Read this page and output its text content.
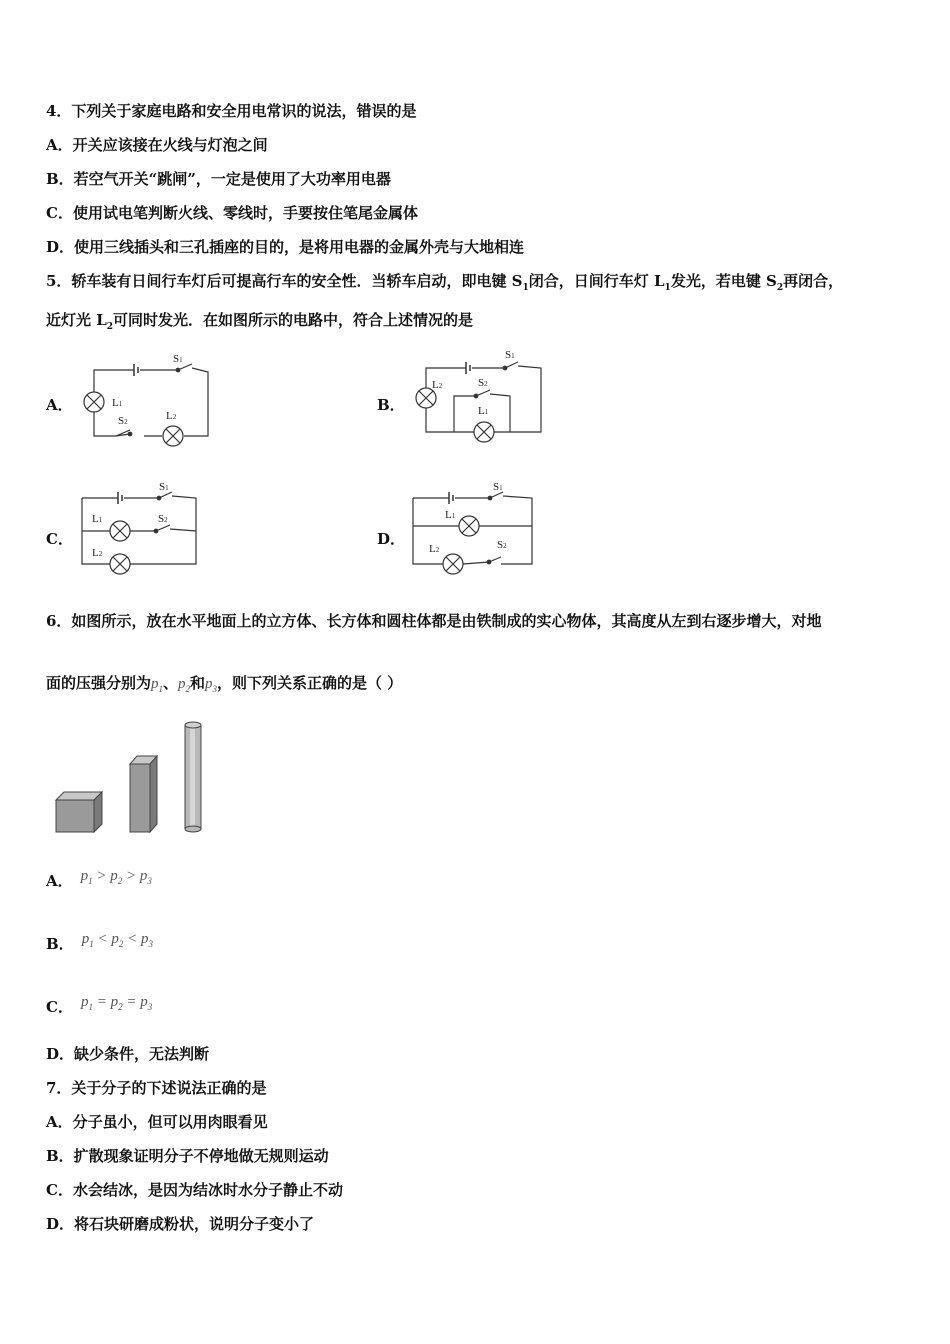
4．下列关于家庭电路和安全用电常识的说法，错误的是
A．开关应该接在火线与灯泡之间
B．若空气开关“跳闸”，一定是使用了大功率用电器
C．使用试电笔判断火线、零线时，手要按住笔尾金属体
D．使用三线插头和三孔插座的目的，是将用电器的金属外壳与大地相连
5．轿车装有日间行车灯后可提高行车的安全性．当轿车启动，即电键 $S_1$闭合，日间行车灯 $L_1$发光，若电键 $S_2$再闭合，
近灯光 $L_2$可同时发光．在如图所示的电路中，符合上述情况的是
A．	B．
C．	D．
S1
L1
S2	L2
S1
L2	S2
L1
S1
L1	S2
L2
S1
L1
L2	S2
6．如图所示，放在水平地面上的立方体、长方体和圆柱体都是由铁制成的实心物体，其高度从左到右逐步增大，对地
面的压强分别为$p_1$、$p_2$和$p_3$，则下列关系正确的是（ ）
A． $p_1 > p_2 > p_3$
B． $p_1 < p_2 < p_3$
C． $p_1 = p_2 = p_3$
D．缺少条件，无法判断
7．关于分子的下述说法正确的是
A．分子虽小，但可以用肉眼看见
B．扩散现象证明分子不停地做无规则运动
C．水会结冰，是因为结冰时水分子静止不动
D．将石块研磨成粉状，说明分子变小了
